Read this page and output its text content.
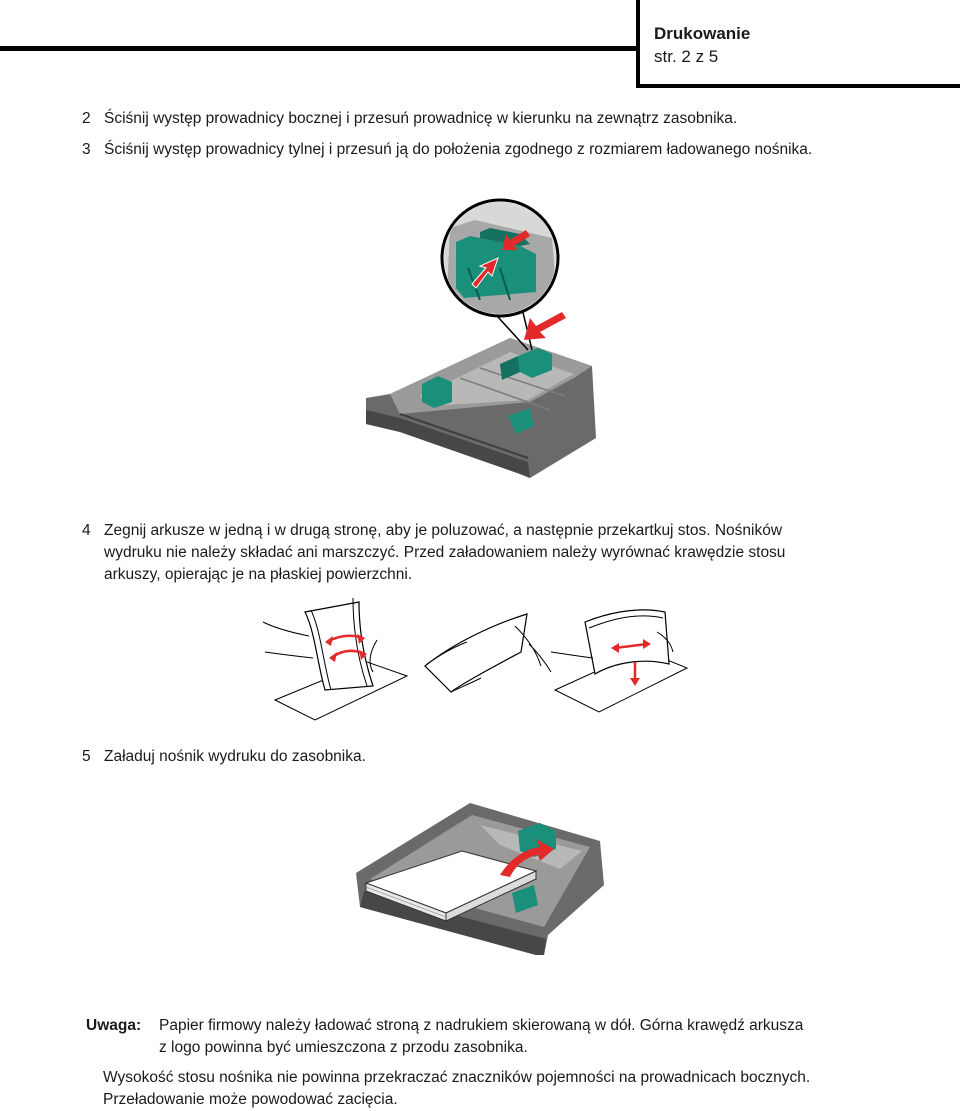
Drukowanie
str. 2 z 5
2 Ściśnij występ prowadnicy bocznej i przesuń prowadnicę w kierunku na zewnątrz zasobnika.
3 Ściśnij występ prowadnicy tylnej i przesuń ją do położenia zgodnego z rozmiarem ładowanego nośnika.
4 Zegnij arkusze w jedną i w drugą stronę, aby je poluzować, a następnie przekartkuj stos. Nośników
wydruku nie należy składać ani marszczyć. Przed załadowaniem należy wyrównać krawędzie stosu
arkuszy, opierając je na płaskiej powierzchni.
5 Załaduj nośnik wydruku do zasobnika.
Uwaga: Papier firmowy należy ładować stroną z nadrukiem skierowaną w dół. Górna krawędź arkusza
z logo powinna być umieszczona z przodu zasobnika.
Wysokość stosu nośnika nie powinna przekraczać znaczników pojemności na prowadnicach bocznych.
Przeładowanie może powodować zacięcia.
